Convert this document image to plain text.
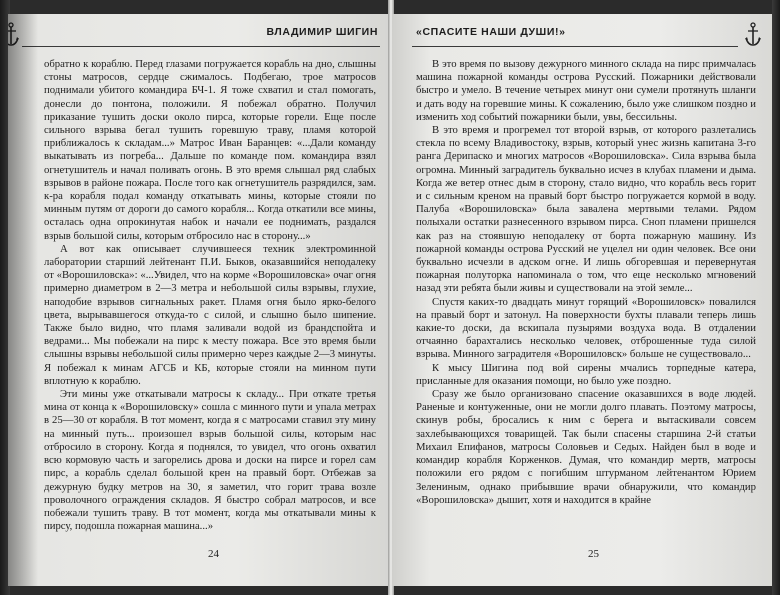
ВЛАДИМИР ШИГИН

обратно к кораблю. Перед глазами погружается корабль на дно, слышны стоны матросов, сердце сжималось. Подбегаю, трое матросов поднимали убитого командира БЧ-1. Я тоже схватил и стал помогать, донесли до понтона, положили. Я побежал обратно. Получил приказание тушить доски около пирса, которые горели. Еще после сильного взрыва бегал тушить горевшую траву, пламя которой приближалось к складам...» Матрос Иван Баранцев: «...Дали команду выкатывать из погреба... Дальше по команде пом. командира взял огнетушитель и начал поливать огонь. В это время слышал ряд слабых взрывов в районе пожара. После того как огнетушитель разрядился, зам. к-ра корабля подал команду откатывать мины, которые стояли по минным путям от дороги до самого корабля... Когда откатили все мины, осталась одна опрокинутая набок и начали ее поднимать, раздался взрыв большой силы, которым отбросило нас в сторону...»

А вот как описывает случившееся техник электроминной лаборатории старший лейтенант П.И. Быков, оказавшийся неподалеку от «Ворошиловска»: «...Увидел, что на корме «Ворошиловска» очаг огня примерно диаметром в 2—3 метра и небольшой силы взрывы, глухие, наподобие взрывов сигнальных ракет. Пламя огня было ярко-белого цвета, вырывавшегося откуда-то с силой, и слышно было шипение. Также было видно, что пламя заливали водой из брандспойта и ведрами... Мы побежали на пирс к месту пожара. Все это время были слышны взрывы небольшой силы примерно через каждые 2—3 минуты. Я побежал к минам АГСБ и КБ, которые стояли на минном пути вплотную к кораблю.

Эти мины уже откатывали матросы к складу... При откате третья мина от конца к «Ворошиловску» сошла с минного пути и упала метрах в 25—30 от корабля. В тот момент, когда я с матросами ставил эту мину на минный путь... произошел взрыв большой силы, которым нас отбросило в сторону. Когда я поднялся, то увидел, что огонь охватил всю кормовую часть и загорелись дрова и доски на пирсе и горел сам пирс, а корабль сделал большой крен на правый борт. Отбежав за дежурную будку метров на 30, я заметил, что горит трава возле проволочного ограждения складов. Я быстро собрал матросов, и все побежали тушить траву. В тот момент, когда мы откатывали мины к пирсу, подошла пожарная машина...»

24
«СПАСИТЕ НАШИ ДУШИ!»

В это время по вызову дежурного минного склада на пирс примчалась машина пожарной команды острова Русский. Пожарники действовали быстро и умело. В течение четырех минут они сумели протянуть шланги и дать воду на горевшие мины. К сожалению, было уже слишком поздно и изменить ход событий пожарники были, увы, бессильны.

В это время и прогремел тот второй взрыв, от которого разлетались стекла по всему Владивостоку, взрыв, который унес жизнь капитана 3-го ранга Дерипаско и многих матросов «Ворошиловска». Сила взрыва была огромна. Минный заградитель буквально исчез в клубах пламени и дыма. Когда же ветер отнес дым в сторону, стало видно, что корабль весь горит и с сильным креном на правый борт быстро погружается кормой в воду. Палуба «Ворошиловска» была завалена мертвыми телами. Рядом полыхали остатки разнесенного взрывом пирса. Сноп пламени пришелся как раз на стоявшую неподалеку от борта пожарную машину. Из пожарной команды острова Русский не уцелел ни один человек. Все они буквально исчезли в адском огне. И лишь обгоревшая и перевернутая пожарная полуторка напоминала о том, что еще несколько мгновений назад эти ребята были живы и существовали на этой земле...

Спустя каких-то двадцать минут горящий «Ворошиловск» повалился на правый борт и затонул. На поверхности бухты плавали теперь лишь какие-то доски, да вскипала пузырями воздуха вода. В отдалении отчаянно барахтались несколько человек, отброшенные туда силой взрыва. Минного заградителя «Ворошиловск» больше не существовало...

К мысу Шигина под вой сирены мчались торпедные катера, присланные для оказания помощи, но было уже поздно.

Сразу же было организовано спасение оказавшихся в воде людей. Раненые и контуженные, они не могли долго плавать. Поэтому матросы, скинув робы, бросались к ним с берега и вытаскивали совсем захлебывающихся товарищей. Так были спасены старшина 2-й статьи Михаил Епифанов, матросы Соловьев и Седых. Найден был в воде и командир корабля Корженков. Думая, что командир мертв, матросы положили его рядом с погибшим штурманом лейтенантом Юрием Зелениным, однако прибывшие врачи обнаружили, что командир «Ворошиловска» дышит, хотя и находится в крайне

25
